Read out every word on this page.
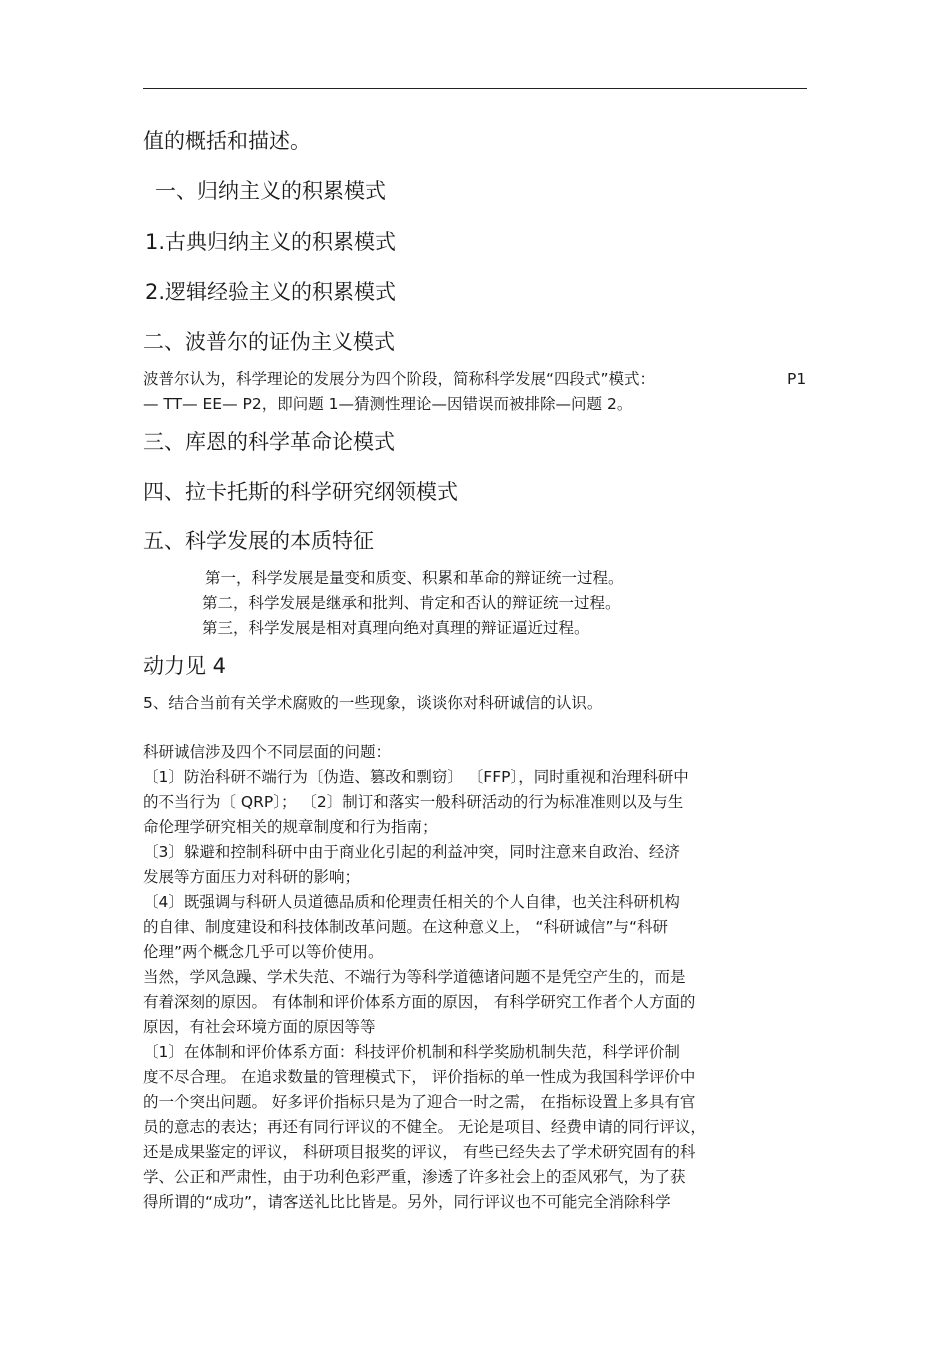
值的概括和描述。
一、归纳主义的积累模式
1.古典归纳主义的积累模式
2.逻辑经验主义的积累模式
二、波普尔的证伪主义模式
波普尔认为，科学理论的发展分为四个阶段，简称科学发展“四段式”模式：	P1
— TT— EE— P2，即问题 1—猜测性理论—因错误而被排除—问题 2。
三、库恩的科学革命论模式
四、拉卡托斯的科学研究纲领模式
五、科学发展的本质特征
第一，科学发展是量变和质变、积累和革命的辩证统一过程。
第二，科学发展是继承和批判、肯定和否认的辩证统一过程。
第三，科学发展是相对真理向绝对真理的辩证逼近过程。
动力见 4
5、结合当前有关学术腐败的一些现象，谈谈你对科研诚信的认识。
科研诚信涉及四个不同层面的问题：
〔1〕防治科研不端行为〔伪造、篡改和剽窃〕 〔FFP〕，同时重视和治理科研中
的不当行为〔 QRP〕； 〔2〕制订和落实一般科研活动的行为标准准则以及与生
命伦理学研究相关的规章制度和行为指南；
〔3〕躲避和控制科研中由于商业化引起的利益冲突，同时注意来自政治、经济
发展等方面压力对科研的影响；
〔4〕既强调与科研人员道德品质和伦理责任相关的个人自律，也关注科研机构
的自律、制度建设和科技体制改革问题。在这种意义上， “科研诚信”与“科研
伦理”两个概念几乎可以等价使用。
当然，学风急躁、学术失范、不端行为等科学道德诸问题不是凭空产生的，而是
有着深刻的原因。 有体制和评价体系方面的原因， 有科学研究工作者个人方面的
原因，有社会环境方面的原因等等
〔1〕在体制和评价体系方面：科技评价机制和科学奖励机制失范，科学评价制
度不尽合理。 在追求数量的管理模式下， 评价指标的单一性成为我国科学评价中
的一个突出问题。 好多评价指标只是为了迎合一时之需， 在指标设置上多具有官
员的意志的表达；再还有同行评议的不健全。 无论是项目、经费申请的同行评议，
还是成果鉴定的评议， 科研项目报奖的评议， 有些已经失去了学术研究固有的科
学、公正和严肃性，由于功利色彩严重，渗透了许多社会上的歪风邪气，为了获
得所谓的“成功”，请客送礼比比皆是。另外，同行评议也不可能完全消除科学
